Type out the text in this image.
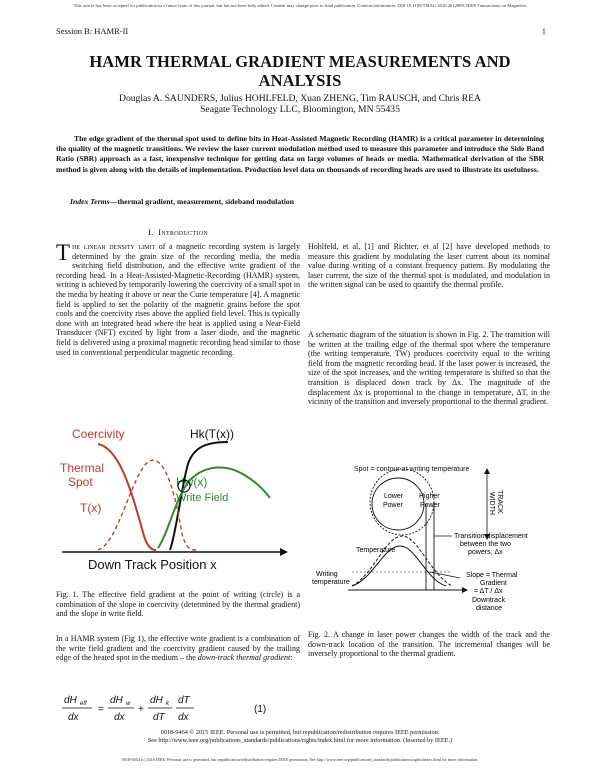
This article has been accepted for publication in a future issue of this journal, but has not been fully edited. Content may change prior to final publication. Citation information: DOI 10.1109/TMAG.2016.2612009, IEEE Transactions on Magnetics
Session B: HAMR-II	1
HAMR THERMAL GRADIENT MEASUREMENTS AND ANALYSIS
Douglas A. SAUNDERS, Julius HOHLFELD, Xuan ZHENG, Tim RAUSCH, and Chris REA
Seagate Technology LLC, Bloomington, MN 55435
The edge gradient of the thermal spot used to define bits in Heat-Assisted Magnetic Recording (HAMR) is a critical parameter in determining the quality of the magnetic transitions. We review the laser current modulation method used to measure this parameter and introduce the Side Band Ratio (SBR) approach as a fast, inexpensive technique for getting data on large volumes of heads or media. Mathematical derivation of the SBR method is given along with the details of implementation. Production level data on thousands of recording heads are used to illustrate its usefulness.
Index Terms—thermal gradient, measurement, sideband modulation
I. Introduction
The linear density limit of a magnetic recording system is largely determined by the grain size of the recording media, the media switching field distribution, and the effective write gradient of the recording head. In a Heat-Assisted-Magnetic-Recording (HAMR) system, writing is achieved by temporarily lowering the coercivity of a small spot in the media by heating it above or near the Curie temperature [4]. A magnetic field is applied to set the polarity of the magnetic grains before the spot cools and the coercivity rises above the applied field level. This is typically done with an integrated head where the heat is applied using a Near-Field Transducer (NFT) excited by light from a laser diode, and the magnetic field is delivered using a proximal magnetic recording head similar to those used in conventional perpendicular magnetic recording.
Coercivity	Hk(T(x))
Thermal
Spot
T(x)
Hw(x)
Write Field
Down Track Position x
Fig. 1. The effective field gradient at the point of writing (circle) is a combination of the slope in coercivity (determined by the thermal gradient) and the slope in write field.
In a HAMR system (Fig 1), the effective write gradient is a combination of the write field gradient and the coercivity gradient caused by the trailing edge of the heated spot in the medium – the down-track thermal gradient:
dH eff
dx
=
dH w
dx
+
dH k
dT
dT
dx
(1)
Hohlfeld, et al, [1] and Richter, et al [2] have developed methods to measure this gradient by modulating the laser current about its nominal value during writing of a constant frequency pattern. By modulating the laser current, the size of the thermal spot is modulated, and modulation in the written signal can be used to quantify the thermal profile.
A schematic diagram of the situation is shown in Fig. 2. The transition will be written at the trailing edge of the thermal spot where the temperature (the writing temperature, TW) produces coercivity equal to the writing field from the magnetic recording head. If the laser power is increased, the size of the spot increases, and the writing temperature is shifted so that the transition is displaced down track by Δx. The magnitude of the displacement Δx is proportional to the change in temperature, ΔT, in the vicinity of the transition and inversely proportional to the thermal gradient.
Spot = contour at writing temperature
Lower
Power
Higher
Power	TRACK
WIDTH
Transition displacement
between the two
powers, Δx
Temperature
Writing
temperature
Slope = Thermal
Gradient
= ΔT / Δx
Downtrack
distance
Fig. 2. A change in laser power changes the width of the track and the down-track location of the transition. The incremental changes will be inversely proportional to the thermal gradient.
0018-9464 © 2015 IEEE. Personal use is permitted, but republication/redistribution requires IEEE permission.
See http://www.ieee.org/publications_standards/publications/rights/index.html for more information. (Inserted by IEEE.)
0018-9464 (c) 2016 IEEE. Personal use is permitted, but republication/redistribution requires IEEE permission. See http://www.ieee.org/publications_standards/publications/rights/index.html for more information.
